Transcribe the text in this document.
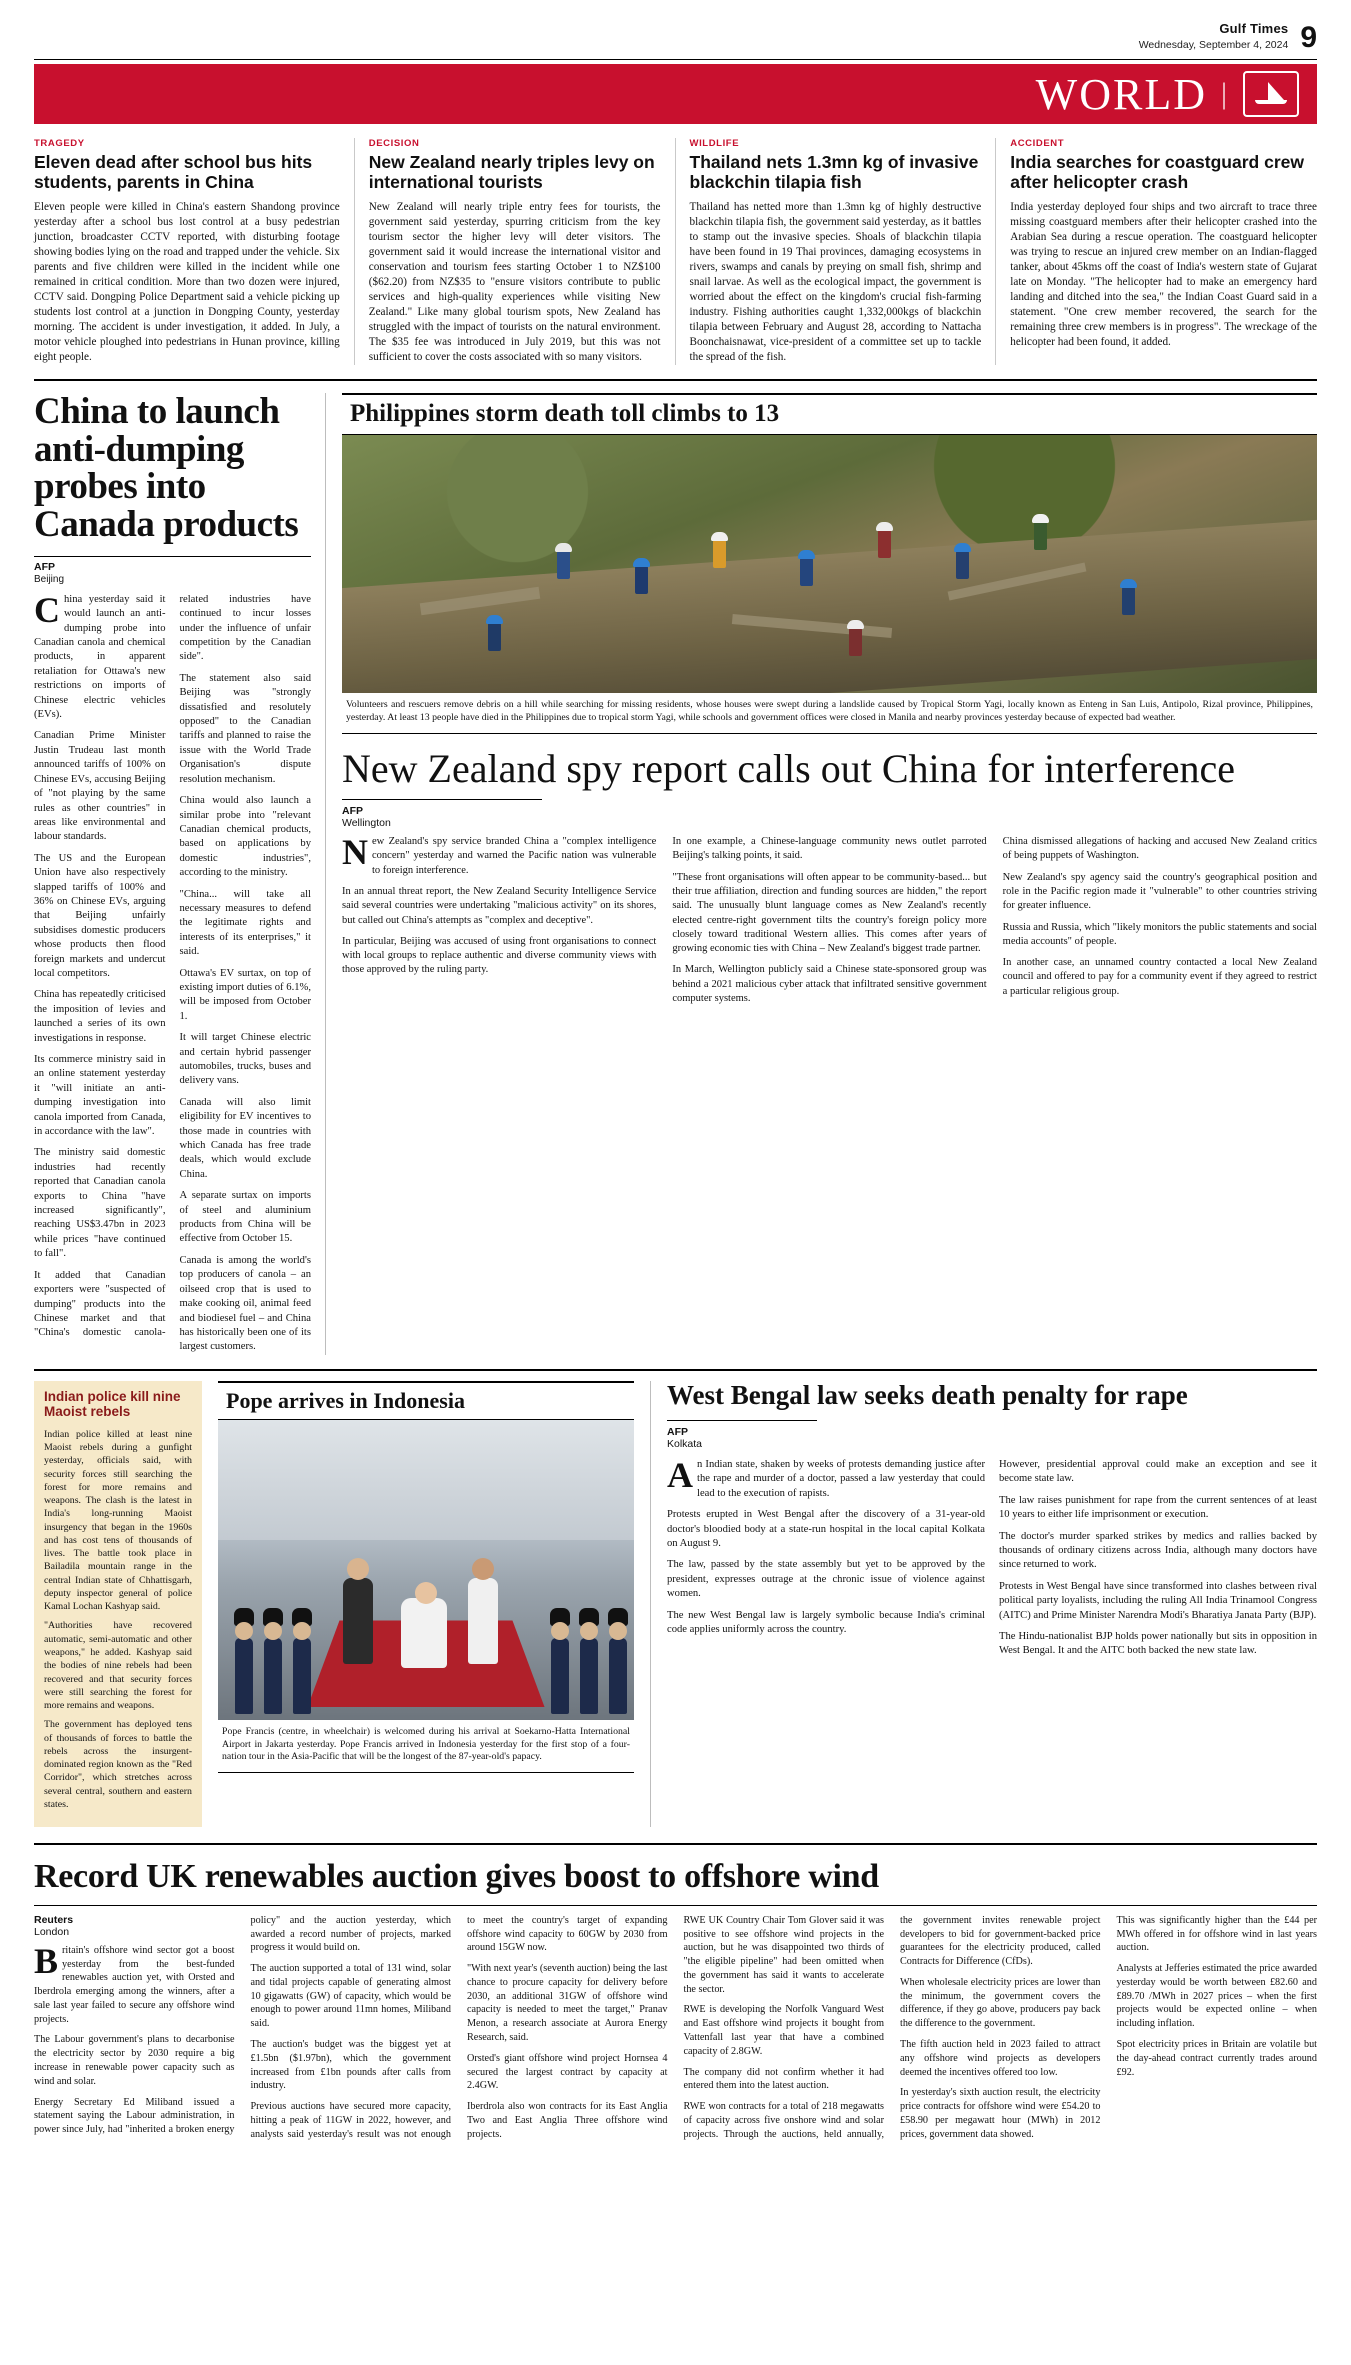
Gulf Times
Wednesday, September 4, 2024 9
WORLD |
TRAGEDY
Eleven dead after school bus hits students, parents in China

Eleven people were killed in China's eastern Shandong province yesterday after a school bus lost control at a busy pedestrian junction, broadcaster CCTV reported, with disturbing footage showing bodies lying on the road and trapped under the vehicle. Six parents and five children were killed in the incident while one remained in critical condition. More than two dozen were injured, CCTV said. Dongping Police Department said a vehicle picking up students lost control at a junction in Dongping County, yesterday morning. The accident is under investigation, it added. In July, a motor vehicle ploughed into pedestrians in Hunan province, killing eight people.

DECISION
New Zealand nearly triples levy on international tourists

New Zealand will nearly triple entry fees for tourists, the government said yesterday, spurring criticism from the key tourism sector the higher levy will deter visitors. The government said it would increase the international visitor and conservation and tourism fees starting October 1 to NZ$100 ($62.20) from NZ$35 to "ensure visitors contribute to public services and high-quality experiences while visiting New Zealand." Like many global tourism spots, New Zealand has struggled with the impact of tourists on the natural environment. The $35 fee was introduced in July 2019, but this was not sufficient to cover the costs associated with so many visitors.

WILDLIFE
Thailand nets 1.3mn kg of invasive blackchin tilapia fish

Thailand has netted more than 1.3mn kg of highly destructive blackchin tilapia fish, the government said yesterday, as it battles to stamp out the invasive species. Shoals of blackchin tilapia have been found in 19 Thai provinces, damaging ecosystems in rivers, swamps and canals by preying on small fish, shrimp and snail larvae. As well as the ecological impact, the government is worried about the effect on the kingdom's crucial fish-farming industry. Fishing authorities caught 1,332,000kgs of blackchin tilapia between February and August 28, according to Nattacha Boonchaisnawat, vice-president of a committee set up to tackle the spread of the fish.

ACCIDENT
India searches for coastguard crew after helicopter crash

India yesterday deployed four ships and two aircraft to trace three missing coastguard members after their helicopter crashed into the Arabian Sea during a rescue operation. The coastguard helicopter was trying to rescue an injured crew member on an Indian-flagged tanker, about 45kms off the coast of India's western state of Gujarat late on Monday. "The helicopter had to make an emergency hard landing and ditched into the sea," the Indian Coast Guard said in a statement. "One crew member recovered, the search for the remaining three crew members is in progress". The wreckage of the helicopter had been found, it added.

China to launch anti-dumping probes into Canada products
AFP
Beijing

China yesterday said it would launch an anti-dumping probe into Canadian canola and chemical products, in apparent retaliation for Ottawa's new restrictions on imports of Chinese electric vehicles (EVs).

Canadian Prime Minister Justin Trudeau last month announced tariffs of 100% on Chinese EVs, accusing Beijing of "not playing by the same rules as other countries" in areas like environmental and labour standards.

The US and the European Union have also respectively slapped tariffs of 100% and 36% on Chinese EVs, arguing that Beijing unfairly subsidises domestic producers whose products then flood foreign markets and undercut local competitors.

China has repeatedly criticised the imposition of levies and launched a series of its own investigations in response.

Its commerce ministry said in an online statement yesterday it "will initiate an anti-dumping investigation into canola imported from Canada, in accordance with the law".

The ministry said domestic industries had recently reported that Canadian canola exports to China "have increased significantly", reaching US$3.47bn in 2023 while prices "have continued to fall".

It added that Canadian exporters were "suspected of dumping" products into the Chinese market and that "China's domestic canola-related industries have continued to incur losses under the influence of unfair competition by the Canadian side".

The statement also said Beijing was "strongly dissatisfied and resolutely opposed" to the Canadian tariffs and planned to raise the issue with the World Trade Organisation's dispute resolution mechanism.

China would also launch a similar probe into "relevant Canadian chemical products, based on applications by domestic industries", according to the ministry.

"China... will take all necessary measures to defend the legitimate rights and interests of its enterprises," it said.

Ottawa's EV surtax, on top of existing import duties of 6.1%, will be imposed from October 1.

It will target Chinese electric and certain hybrid passenger automobiles, trucks, buses and delivery vans.

Canada will also limit eligibility for EV incentives to those made in countries with which Canada has free trade deals, which would exclude China.

A separate surtax on imports of steel and aluminium products from China will be effective from October 15.

Canada is among the world's top producers of canola – an oilseed crop that is used to make cooking oil, animal feed and biodiesel fuel – and China has historically been one of its largest customers.

Philippines storm death toll climbs to 13
Volunteers and rescuers remove debris on a hill while searching for missing residents, whose houses were swept during a landslide caused by Tropical Storm Yagi, locally known as Enteng in San Luis, Antipolo, Rizal province, Philippines, yesterday. At least 13 people have died in the Philippines due to tropical storm Yagi, while schools and government offices were closed in Manila and nearby provinces yesterday because of expected bad weather.
New Zealand spy report calls out China for interference
AFP
Wellington

New Zealand's spy service branded China a "complex intelligence concern" yesterday and warned the Pacific nation was vulnerable to foreign interference.

In an annual threat report, the New Zealand Security Intelligence Service said several countries were undertaking "malicious activity" on its shores, but called out China's attempts as "complex and deceptive".

In particular, Beijing was accused of using front organisations to connect with local groups to replace authentic and diverse community views with those approved by the ruling party.

In one example, a Chinese-language community news outlet parroted Beijing's talking points, it said.

"These front organisations will often appear to be community-based... but their true affiliation, direction and funding sources are hidden," the report said. The unusually blunt language comes as New Zealand's recently elected centre-right government tilts the country's foreign policy more closely toward traditional Western allies. This comes after years of growing economic ties with China – New Zealand's biggest trade partner.

In March, Wellington publicly said a Chinese state-sponsored group was behind a 2021 malicious cyber attack that infiltrated sensitive government computer systems.

China dismissed allegations of hacking and accused New Zealand critics of being puppets of Washington.

New Zealand's spy agency said the country's geographical position and role in the Pacific region made it "vulnerable" to other countries striving for greater influence.

Russia and Russia, which "likely monitors the public statements and social media accounts" of people.

In another case, an unnamed country contacted a local New Zealand council and offered to pay for a community event if they agreed to restrict a particular religious group.

Indian police kill nine Maoist rebels

Indian police killed at least nine Maoist rebels during a gunfight yesterday, officials said, with security forces still searching the forest for more remains and weapons. The clash is the latest in India's long-running Maoist insurgency that began in the 1960s and has cost tens of thousands of lives. The battle took place in Bailadila mountain range in the central Indian state of Chhattisgarh, deputy inspector general of police Kamal Lochan Kashyap said.

"Authorities have recovered automatic, semi-automatic and other weapons," he added. Kashyap said the bodies of nine rebels had been recovered and that security forces were still searching the forest for more remains and weapons.

The government has deployed tens of thousands of forces to battle the rebels across the insurgent-dominated region known as the "Red Corridor", which stretches across several central, southern and eastern states.

Pope arrives in Indonesia
Pope Francis (centre, in wheelchair) is welcomed during his arrival at Soekarno-Hatta International Airport in Jakarta yesterday. Pope Francis arrived in Indonesia yesterday for the first stop of a four-nation tour in the Asia-Pacific that will be the longest of the 87-year-old's papacy.
West Bengal law seeks death penalty for rape
AFP
Kolkata

An Indian state, shaken by weeks of protests demanding justice after the rape and murder of a doctor, passed a law yesterday that could lead to the execution of rapists.

Protests erupted in West Bengal after the discovery of a 31-year-old doctor's bloodied body at a state-run hospital in the local capital Kolkata on August 9.

The law, passed by the state assembly but yet to be approved by the president, expresses outrage at the chronic issue of violence against women.

The new West Bengal law is largely symbolic because India's criminal code applies uniformly across the country.

However, presidential approval could make an exception and see it become state law.

The law raises punishment for rape from the current sentences of at least 10 years to either life imprisonment or execution.

The doctor's murder sparked strikes by medics and rallies backed by thousands of ordinary citizens across India, although many doctors have since returned to work.

Protests in West Bengal have since transformed into clashes between rival political party loyalists, including the ruling All India Trinamool Congress (AITC) and Prime Minister Narendra Modi's Bharatiya Janata Party (BJP).

The Hindu-nationalist BJP holds power nationally but sits in opposition in West Bengal. It and the AITC both backed the new state law.

Record UK renewables auction gives boost to offshore wind
Reuters
London

Britain's offshore wind sector got a boost yesterday from the best-funded renewables auction yet, with Orsted and Iberdrola emerging among the winners, after a sale last year failed to secure any offshore wind projects.

The Labour government's plans to decarbonise the electricity sector by 2030 require a big increase in renewable power capacity such as wind and solar.

Energy Secretary Ed Miliband issued a statement saying the Labour administration, in power since July, had "inherited a broken energy policy" and the auction yesterday, which awarded a record number of projects, marked progress it would build on.

The auction supported a total of 131 wind, solar and tidal projects capable of generating almost 10 gigawatts (GW) of capacity, which would be enough to power around 11mn homes, Miliband said.

The auction's budget was the biggest yet at £1.5bn ($1.97bn), which the government increased from £1bn pounds after calls from industry.

Previous auctions have secured more capacity, hitting a peak of 11GW in 2022, however, and analysts said yesterday's result was not enough to meet the country's target of expanding offshore wind capacity to 60GW by 2030 from around 15GW now.

"With next year's (seventh auction) being the last chance to procure capacity for delivery before 2030, an additional 31GW of offshore wind capacity is needed to meet the target," Pranav Menon, a research associate at Aurora Energy Research, said.

Orsted's giant offshore wind project Hornsea 4 secured the largest contract by capacity at 2.4GW.

Iberdrola also won contracts for its East Anglia Two and East Anglia Three offshore wind projects.

RWE UK Country Chair Tom Glover said it was positive to see offshore wind projects in the auction, but he was disappointed two thirds of "the eligible pipeline" had been omitted when the government has said it wants to accelerate the sector.

RWE is developing the Norfolk Vanguard West and East offshore wind projects it bought from Vattenfall last year that have a combined capacity of 2.8GW.

The company did not confirm whether it had entered them into the latest auction.

RWE won contracts for a total of 218 megawatts of capacity across five onshore wind and solar projects. Through the auctions, held annually, the government invites renewable project developers to bid for government-backed price guarantees for the electricity produced, called Contracts for Difference (CfDs).

When wholesale electricity prices are lower than the minimum, the government covers the difference, if they go above, producers pay back the difference to the government.

The fifth auction held in 2023 failed to attract any offshore wind projects as developers deemed the incentives offered too low.

In yesterday's sixth auction result, the electricity price contracts for offshore wind were £54.20 to £58.90 per megawatt hour (MWh) in 2012 prices, government data showed.

This was significantly higher than the £44 per MWh offered in for offshore wind in last years auction.

Analysts at Jefferies estimated the price awarded yesterday would be worth between £82.60 and £89.70 /MWh in 2027 prices – when the first projects would be expected online – when including inflation.

Spot electricity prices in Britain are volatile but the day-ahead contract currently trades around £92.
